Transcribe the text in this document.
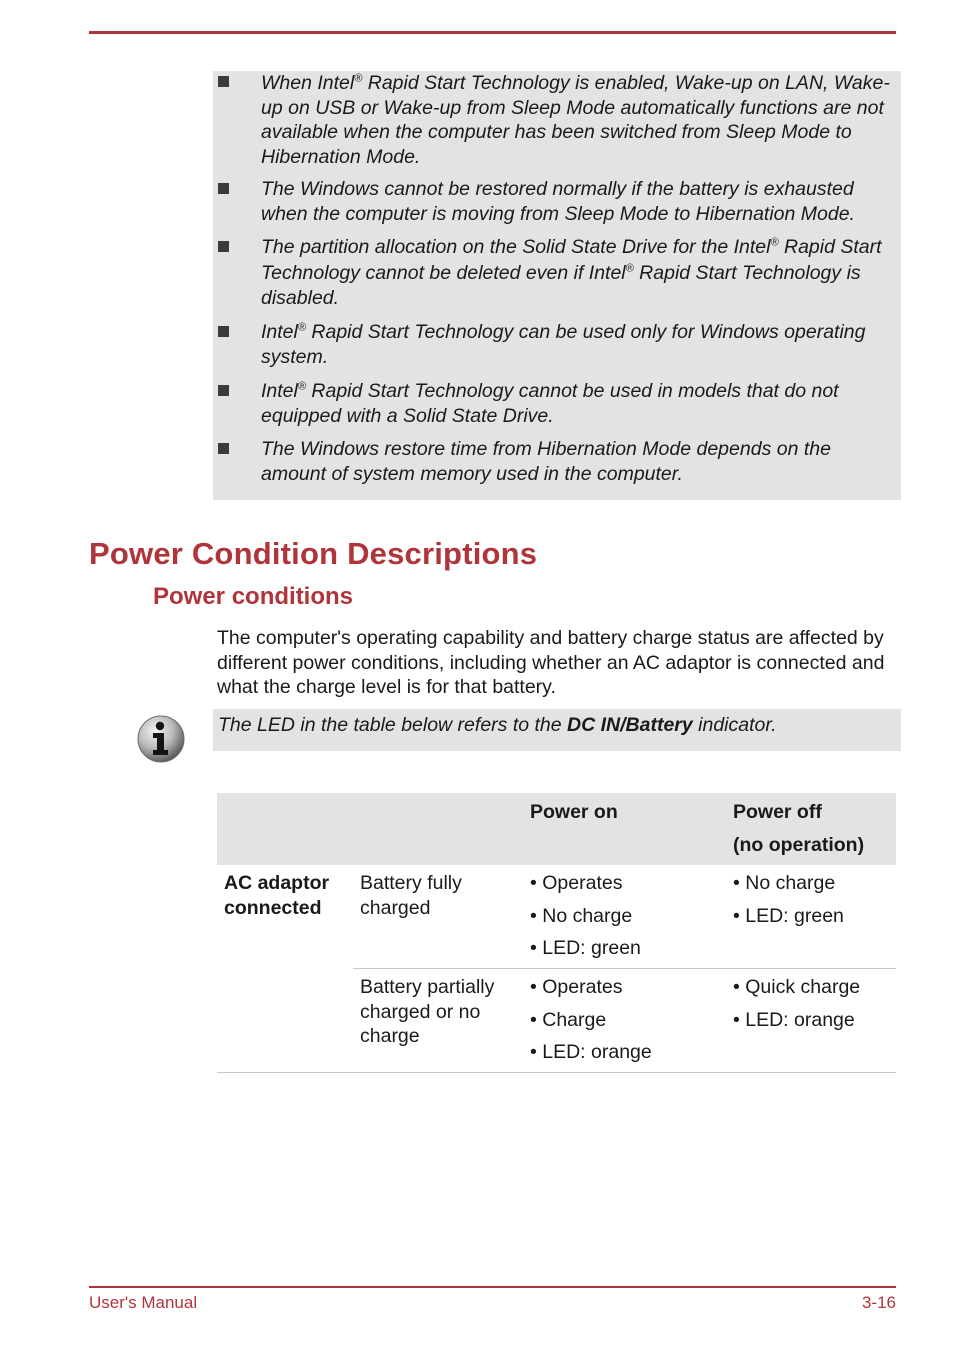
When Intel® Rapid Start Technology is enabled, Wake-up on LAN, Wake-up on USB or Wake-up from Sleep Mode automatically functions are not available when the computer has been switched from Sleep Mode to Hibernation Mode.
The Windows cannot be restored normally if the battery is exhausted when the computer is moving from Sleep Mode to Hibernation Mode.
The partition allocation on the Solid State Drive for the Intel® Rapid Start Technology cannot be deleted even if Intel® Rapid Start Technology is disabled.
Intel® Rapid Start Technology can be used only for Windows operating system.
Intel® Rapid Start Technology cannot be used in models that do not equipped with a Solid State Drive.
The Windows restore time from Hibernation Mode depends on the amount of system memory used in the computer.
Power Condition Descriptions
Power conditions
The computer's operating capability and battery charge status are affected by different power conditions, including whether an AC adaptor is connected and what the charge level is for that battery.
The LED in the table below refers to the DC IN/Battery indicator.
Power on	Power off
(no operation)
AC adaptor connected
Battery fully charged
• Operates
• No charge
• LED: green
• No charge
• LED: green
Battery partially charged or no charge
• Operates
• Charge
• LED: orange
• Quick charge
• LED: orange
User's Manual	3-16
